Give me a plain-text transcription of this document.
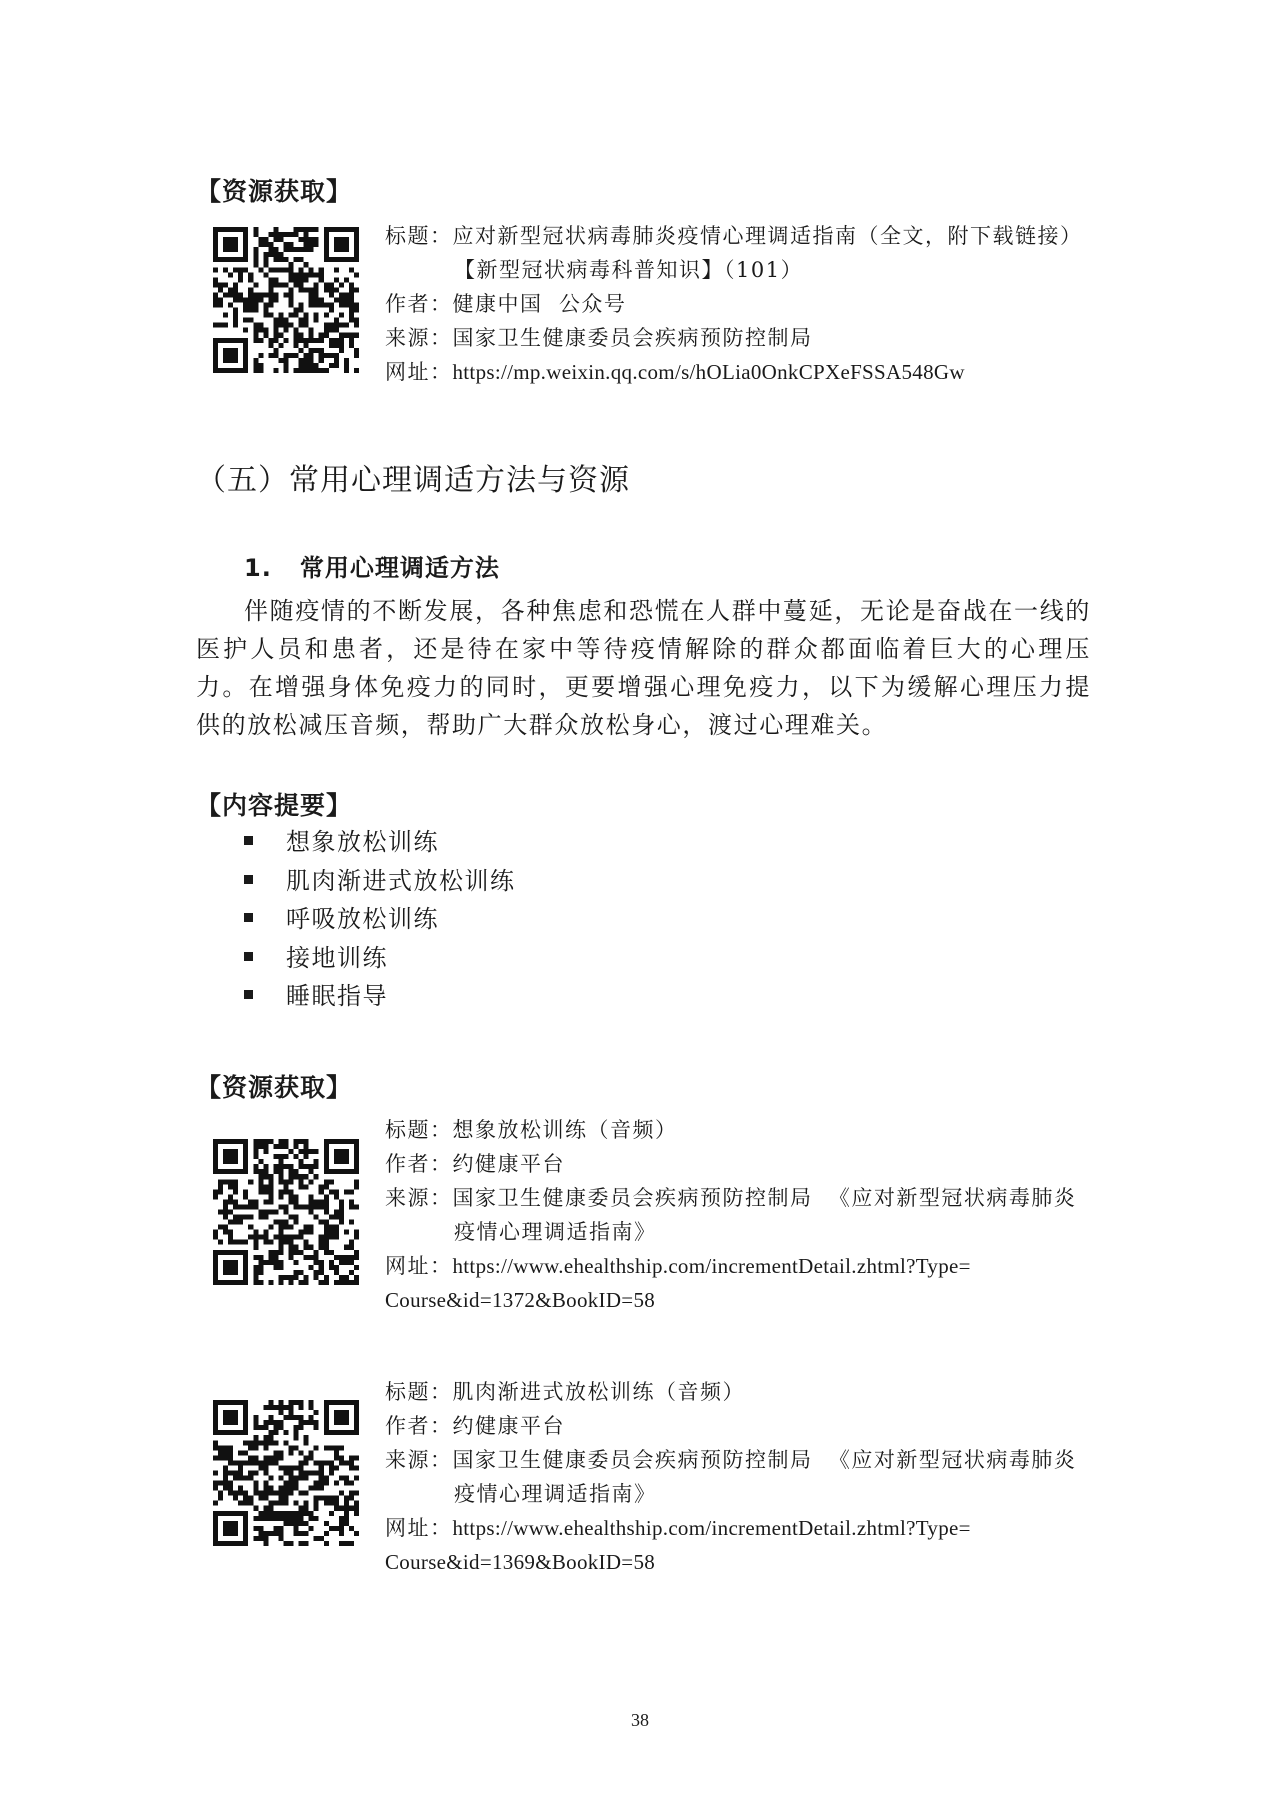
【资源获取】
标题：应对新型冠状病毒肺炎疫情心理调适指南（全文，附下载链接）
【新型冠状病毒科普知识】（101）
作者：健康中国  公众号
来源：国家卫生健康委员会疾病预防控制局
网址：https://mp.weixin.qq.com/s/hOLia0OnkCPXeFSSA548Gw
（五）常用心理调适方法与资源
1.   常用心理调适方法

伴随疫情的不断发展，各种焦虑和恐慌在人群中蔓延，无论是奋战在一线的医护人员和患者，还是待在家中等待疫情解除的群众都面临着巨大的心理压力。在增强身体免疫力的同时，更要增强心理免疫力，以下为缓解心理压力提供的放松减压音频，帮助广大群众放松身心，渡过心理难关。

【内容提要】
想象放松训练
肌肉渐进式放松训练
呼吸放松训练
接地训练
睡眠指导
【资源获取】
标题：想象放松训练（音频）
作者：约健康平台
来源：国家卫生健康委员会疾病预防控制局  《应对新型冠状病毒肺炎
疫情心理调适指南》
网址：https://www.ehealthship.com/incrementDetail.zhtml?Type=
Course&id=1372&BookID=58
标题：肌肉渐进式放松训练（音频）
作者：约健康平台
来源：国家卫生健康委员会疾病预防控制局  《应对新型冠状病毒肺炎
疫情心理调适指南》
网址：https://www.ehealthship.com/incrementDetail.zhtml?Type=
Course&id=1369&BookID=58
38
